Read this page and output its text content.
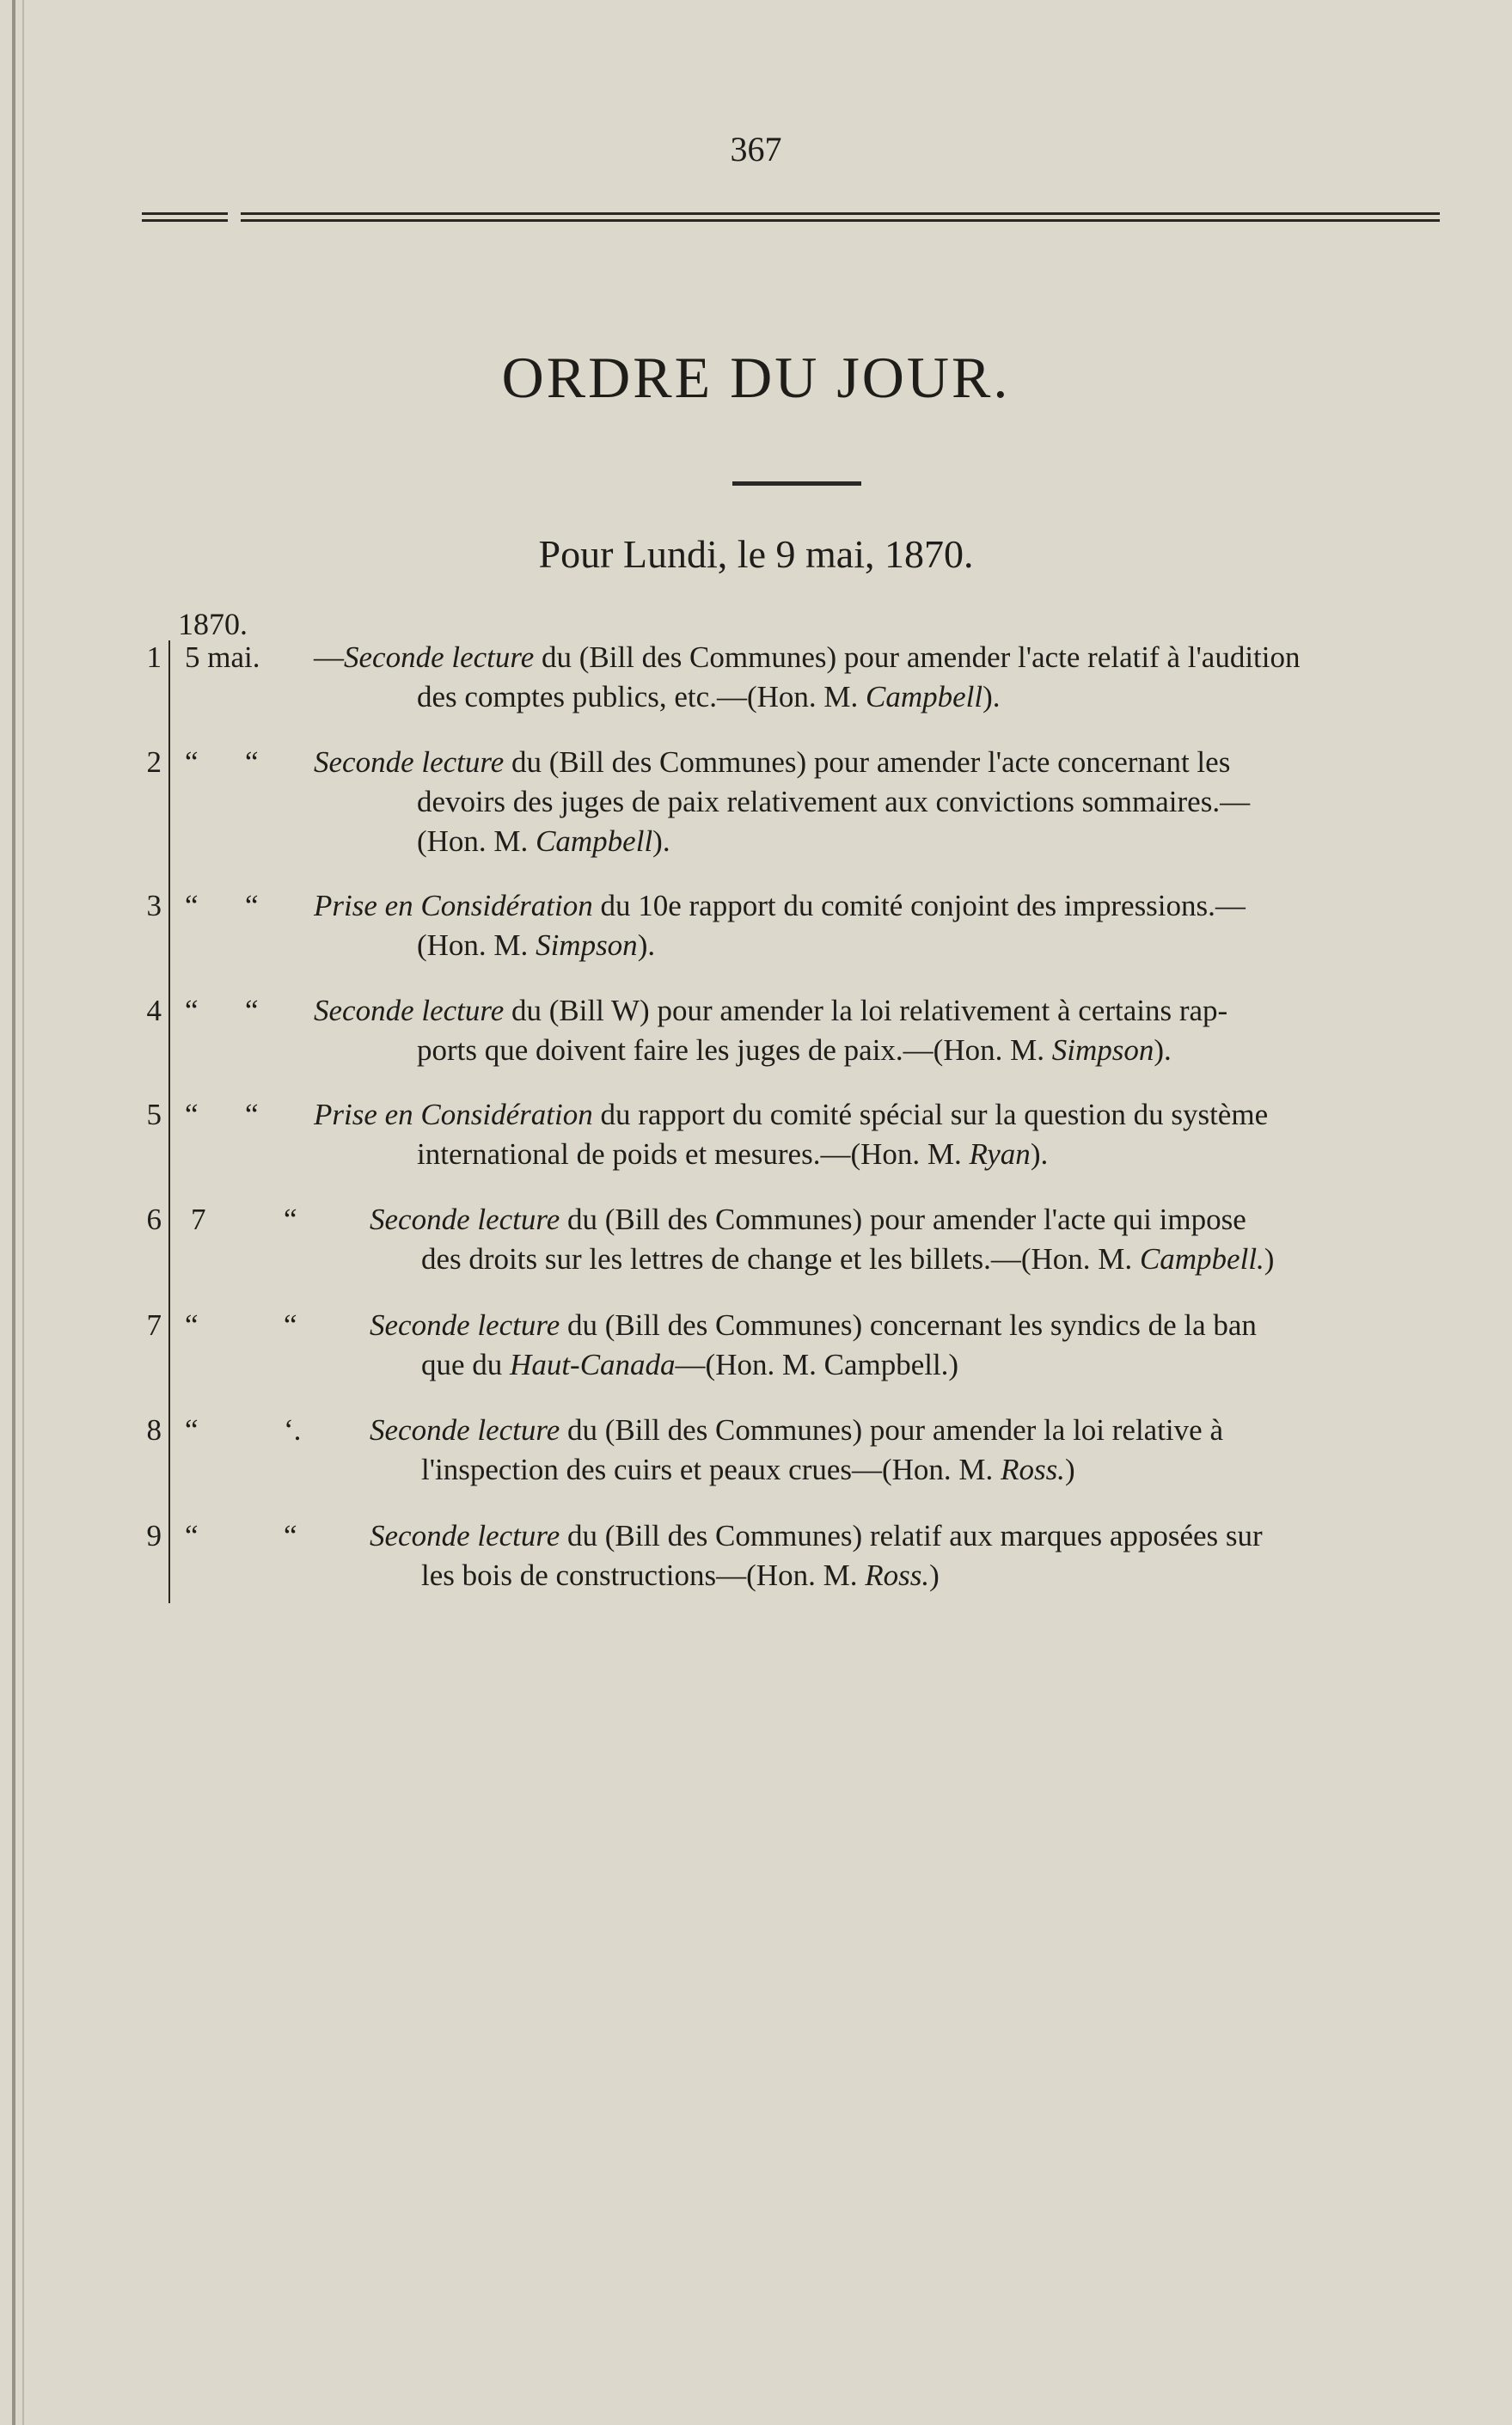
367
ORDRE DU JOUR.
Pour Lundi, le 9 mai, 1870.
1870.
1 5 mai. —Seconde lecture du (Bill des Communes) pour amender l'acte relatif à l'audition
des comptes publics, etc.—(Hon. M. Campbell).
2 “ “ Seconde lecture du (Bill des Communes) pour amender l'acte concernant les
devoirs des juges de paix relativement aux convictions sommaires.—
(Hon. M. Campbell).
3 “ “ Prise en Considération du 10e rapport du comité conjoint des impressions.—
(Hon. M. Simpson).
4 “ “ Seconde lecture du (Bill W) pour amender la loi relativement à certains rap-
ports que doivent faire les juges de paix.—(Hon. M. Simpson).
5 “ “ Prise en Considération du rapport du comité spécial sur la question du système
international de poids et mesures.—(Hon. M. Ryan).
6 7	“ Seconde lecture du (Bill des Communes) pour amender l'acte qui impose
des droits sur les lettres de change et les billets.—(Hon. M. Campbell.)
7 “	“ Seconde lecture du (Bill des Communes) concernant les syndics de la ban
que du Haut-Canada—(Hon. M. Campbell.)
8 “	‘. Seconde lecture du (Bill des Communes) pour amender la loi relative à
l'inspection des cuirs et peaux crues—(Hon. M. Ross.)
9 “	“ Seconde lecture du (Bill des Communes) relatif aux marques apposées sur
les bois de constructions—(Hon. M. Ross.)
